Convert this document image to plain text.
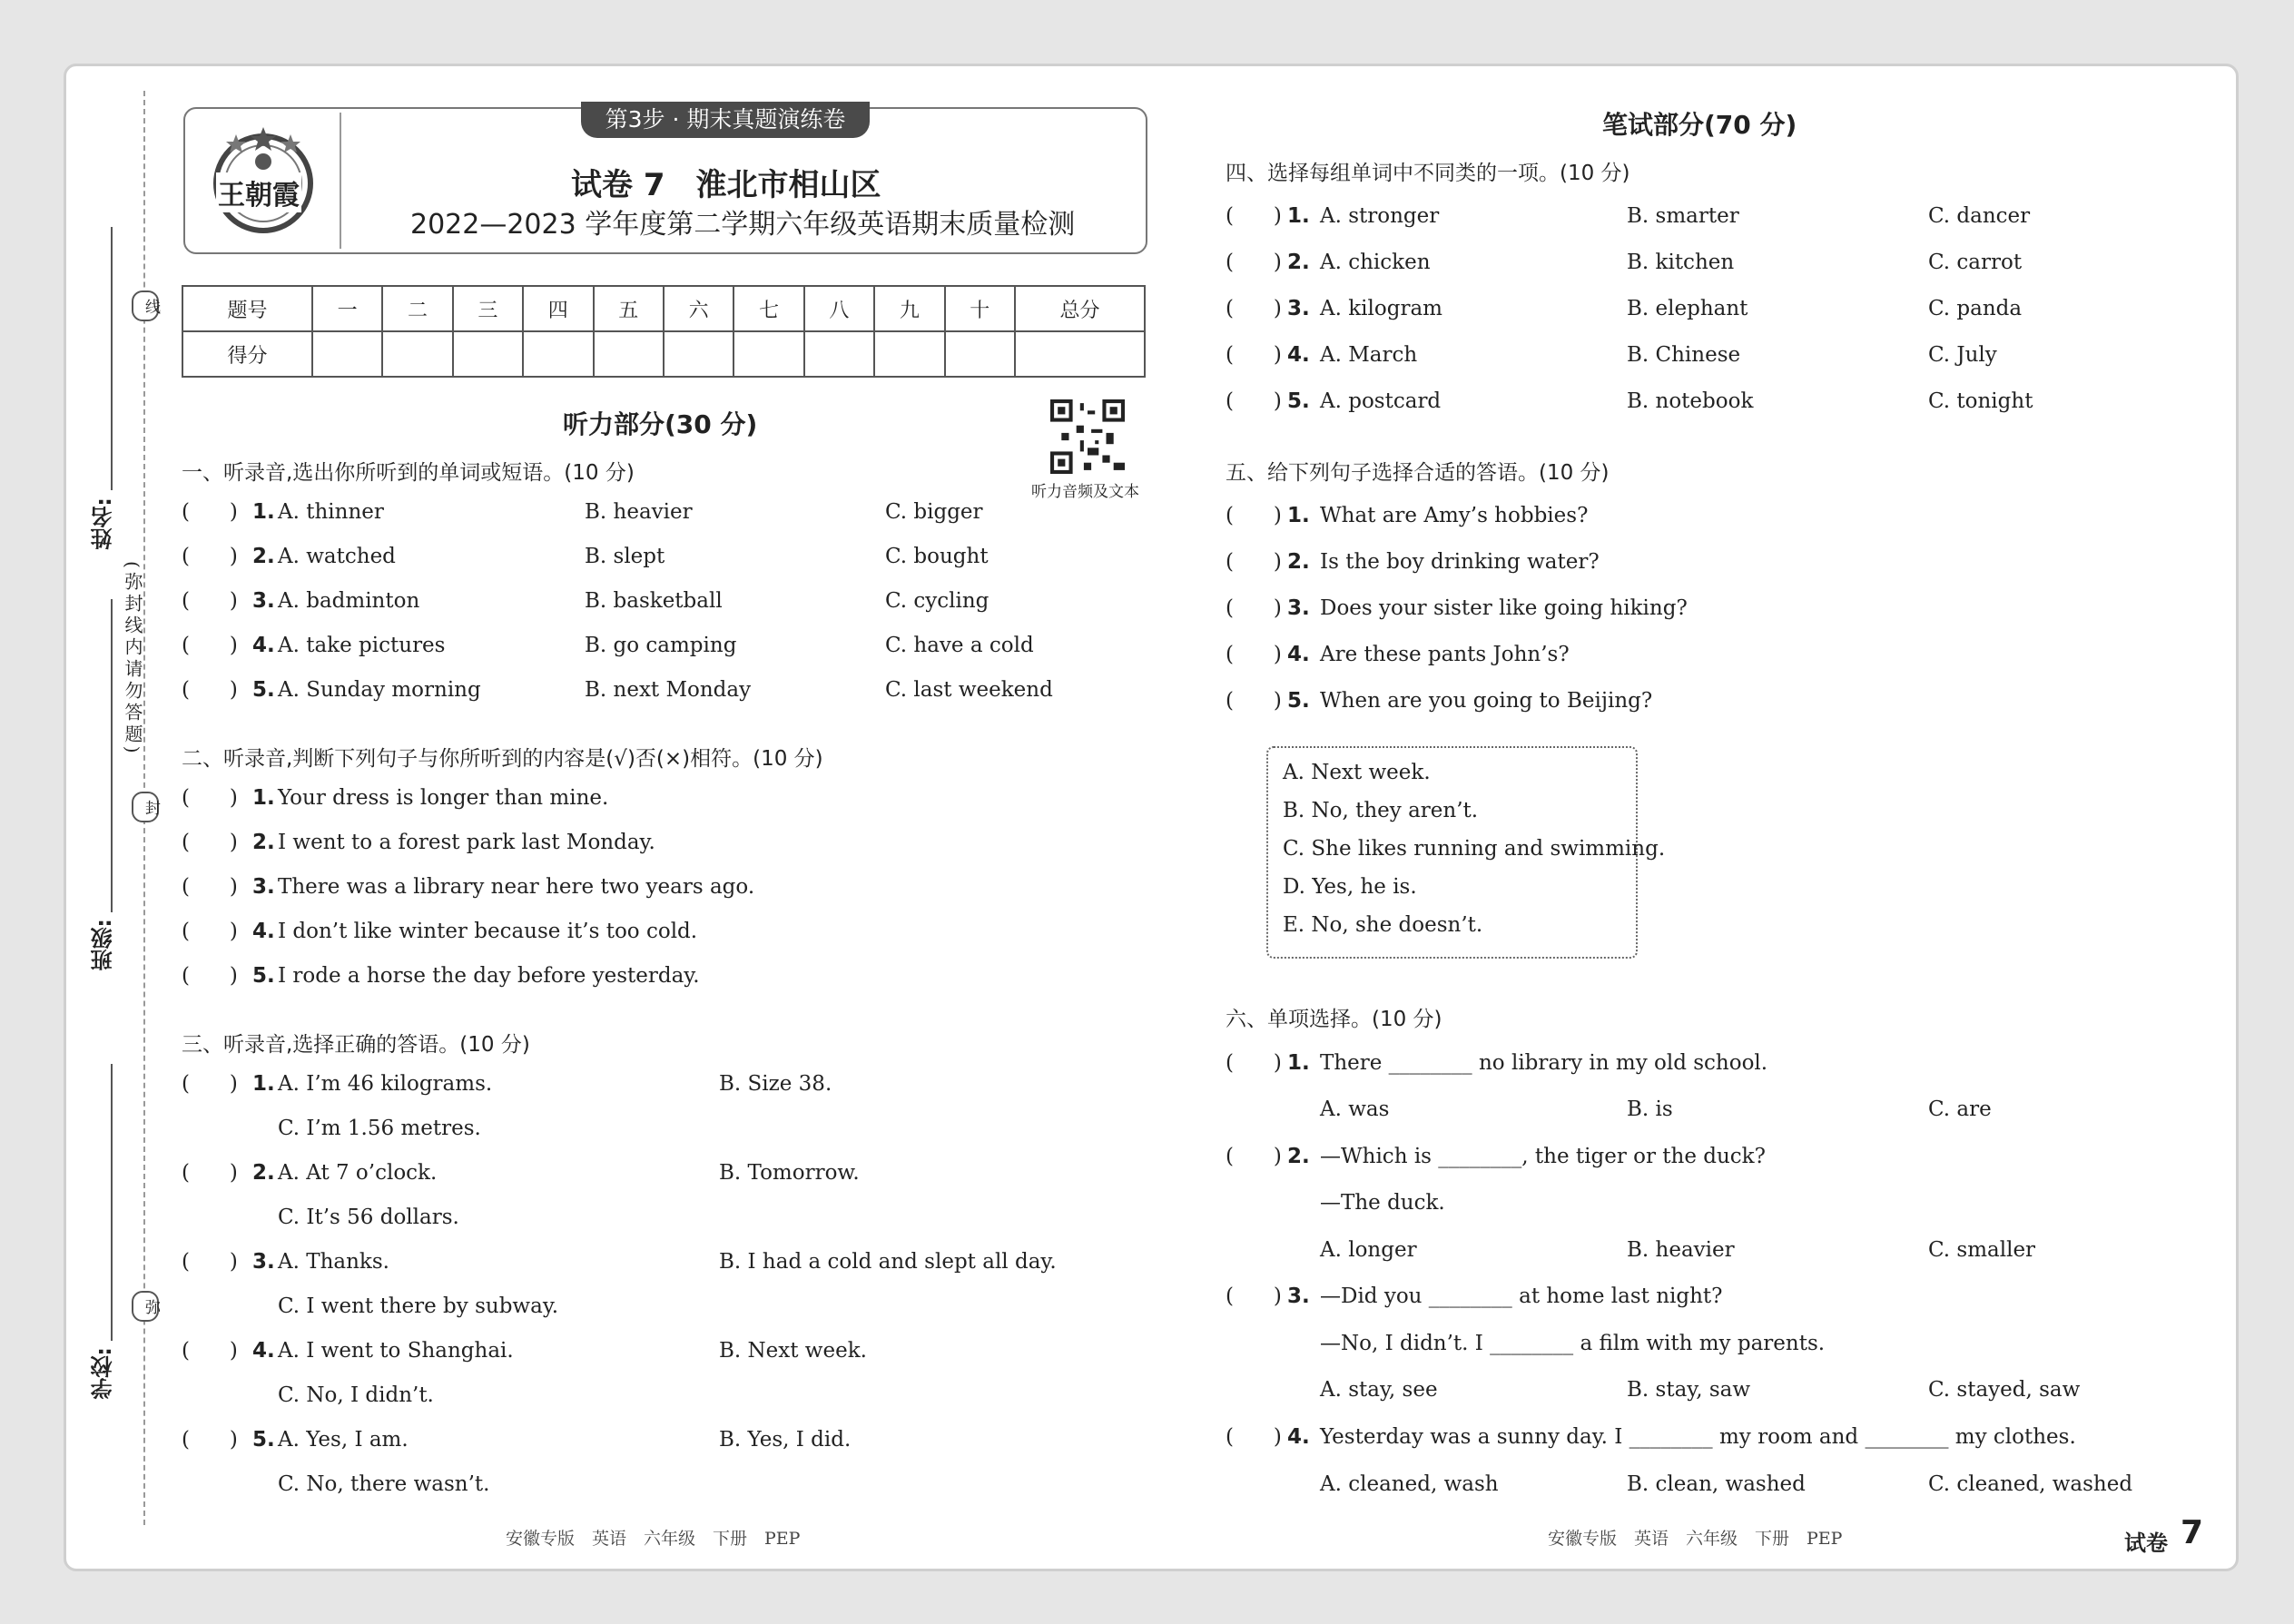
姓名:
班级:
学校:
线
封
弥
(弥封线内请勿答题)
第3步 · 期末真题演练卷
王朝霞	试卷 7　淮北市相山区
2022—2023 学年度第二学期六年级英语期末质量检测
题号	一	二	三	四	五	六	七	八	九	十	总分
得分											
听力部分(30 分)
听力音频及文本
一、听录音,选出你所听到的单词或短语。(10 分)
(      ) 1. A. thinner	B. heavier	C. bigger
(      ) 2. A. watched	B. slept	C. bought
(      ) 3. A. badminton	B. basketball	C. cycling
(      ) 4. A. take pictures	B. go camping	C. have a cold
(      ) 5. A. Sunday morning	B. next Monday	C. last weekend
二、听录音,判断下列句子与你所听到的内容是(√)否(×)相符。(10 分)
(      ) 1. Your dress is longer than mine.
(      ) 2. I went to a forest park last Monday.
(      ) 3. There was a library near here two years ago.
(      ) 4. I don’t like winter because it’s too cold.
(      ) 5. I rode a horse the day before yesterday.
三、听录音,选择正确的答语。(10 分)
(      ) 1. A. I’m 46 kilograms.	B. Size 38.
C. I’m 1.56 metres.
(      ) 2. A. At 7 o’clock.	B. Tomorrow.
C. It’s 56 dollars.
(      ) 3. A. Thanks.	B. I had a cold and slept all day.
C. I went there by subway.
(      ) 4. A. I went to Shanghai.	B. Next week.
C. No, I didn’t.
(      ) 5. A. Yes, I am.	B. Yes, I did.
C. No, there wasn’t.
笔试部分(70 分)
四、选择每组单词中不同类的一项。(10 分)
(      ) 1. A. stronger	B. smarter	C. dancer
(      ) 2. A. chicken	B. kitchen	C. carrot
(      ) 3. A. kilogram	B. elephant	C. panda
(      ) 4. A. March	B. Chinese	C. July
(      ) 5. A. postcard	B. notebook	C. tonight
五、给下列句子选择合适的答语。(10 分)
(      ) 1. What are Amy’s hobbies?
(      ) 2. Is the boy drinking water?
(      ) 3. Does your sister like going hiking?
(      ) 4. Are these pants John’s?
(      ) 5. When are you going to Beijing?
A. Next week.
B. No, they aren’t.
C. She likes running and swimming.
D. Yes, he is.
E. No, she doesn’t.
六、单项选择。(10 分)
(      ) 1. There ________ no library in my old school.
A. was	B. is	C. are
(      ) 2. —Which is ________, the tiger or the duck?
—The duck.
A. longer	B. heavier	C. smaller
(      ) 3. —Did you ________ at home last night?
—No, I didn’t. I ________ a film with my parents.
A. stay, see	B. stay, saw	C. stayed, saw
(      ) 4. Yesterday was a sunny day. I ________ my room and ________ my clothes.
A. cleaned, wash	B. clean, washed	C. cleaned, washed
安徽专版　英语　六年级　下册　PEP	安徽专版　英语　六年级　下册　PEP	试卷 7
